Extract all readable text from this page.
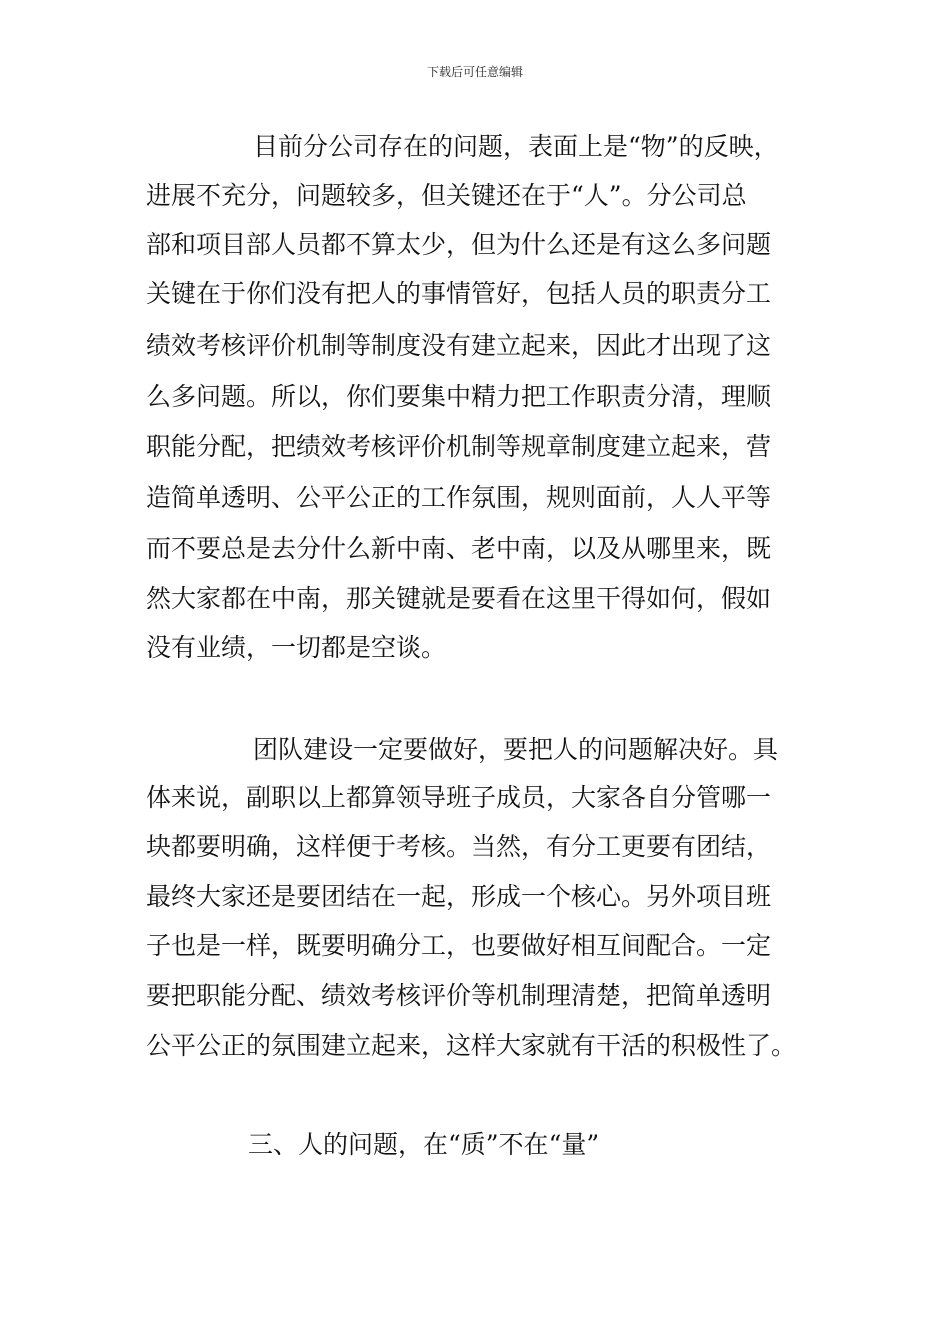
下载后可任意编辑
目前分公司存在的问题，表面上是“物”的反映，
进展不充分，问题较多，但关键还在于“人”。分公司总
部和项目部人员都不算太少，但为什么还是有这么多问题
关键在于你们没有把人的事情管好，包括人员的职责分工
绩效考核评价机制等制度没有建立起来，因此才出现了这
么多问题。所以，你们要集中精力把工作职责分清，理顺
职能分配，把绩效考核评价机制等规章制度建立起来，营
造简单透明、公平公正的工作氛围，规则面前，人人平等
而不要总是去分什么新中南、老中南，以及从哪里来，既
然大家都在中南，那关键就是要看在这里干得如何，假如
没有业绩，一切都是空谈。
团队建设一定要做好，要把人的问题解决好。具
体来说，副职以上都算领导班子成员，大家各自分管哪一
块都要明确，这样便于考核。当然，有分工更要有团结，
最终大家还是要团结在一起，形成一个核心。另外项目班
子也是一样，既要明确分工，也要做好相互间配合。一定
要把职能分配、绩效考核评价等机制理清楚，把简单透明
公平公正的氛围建立起来，这样大家就有干活的积极性了。
三、人的问题，在“质”不在“量”
